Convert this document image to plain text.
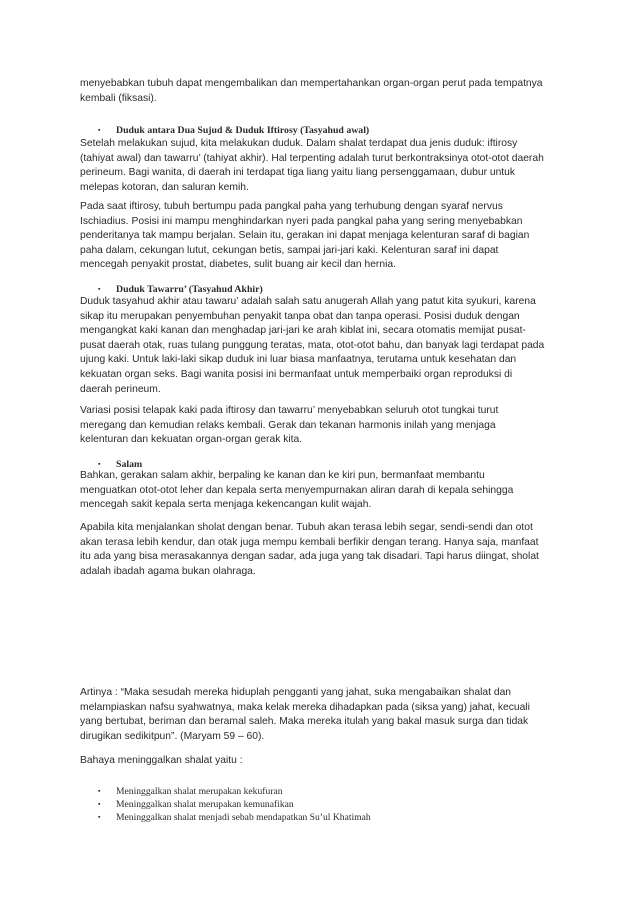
menyebabkan tubuh dapat mengembalikan dan mempertahankan organ-organ perut pada tempatnya
kembali (fiksasi).

▪ Duduk antara Dua Sujud & Duduk Iftirosy (Tasyahud awal)

Setelah melakukan sujud, kita melakukan duduk. Dalam shalat terdapat dua jenis duduk: iftirosy
(tahiyat awal) dan tawarru’ (tahiyat akhir). Hal terpenting adalah turut berkontraksinya otot-otot daerah
perineum. Bagi wanita, di daerah ini terdapat tiga liang yaitu liang persenggamaan, dubur untuk
melepas kotoran, dan saluran kemih.

Pada saat iftirosy, tubuh bertumpu pada pangkal paha yang terhubung dengan syaraf nervus
Ischiadius. Posisi ini mampu menghindarkan nyeri pada pangkal paha yang sering menyebabkan
penderitanya tak mampu berjalan. Selain itu, gerakan ini dapat menjaga kelenturan saraf di bagian
paha dalam, cekungan lutut, cekungan betis, sampai jari-jari kaki. Kelenturan saraf ini dapat
mencegah penyakit prostat, diabetes, sulit buang air kecil dan hernia.

▪ Duduk Tawarru’ (Tasyahud Akhir)

Duduk tasyahud akhir atau tawaru’ adalah salah satu anugerah Allah yang patut kita syukuri, karena
sikap itu merupakan penyembuhan penyakit tanpa obat dan tanpa operasi. Posisi duduk dengan
mengangkat kaki kanan dan menghadap jari-jari ke arah kiblat ini, secara otomatis memijat pusat-
pusat daerah otak, ruas tulang punggung teratas, mata, otot-otot bahu, dan banyak lagi terdapat pada
ujung kaki. Untuk laki-laki sikap duduk ini luar biasa manfaatnya, terutama untuk kesehatan dan
kekuatan organ seks. Bagi wanita posisi ini bermanfaat untuk memperbaiki organ reproduksi di
daerah perineum.

Variasi posisi telapak kaki pada iftirosy dan tawarru’ menyebabkan seluruh otot tungkai turut
meregang dan kemudian relaks kembali. Gerak dan tekanan harmonis inilah yang menjaga
kelenturan dan kekuatan organ-organ gerak kita.

▪ Salam

Bahkan, gerakan salam akhir, berpaling ke kanan dan ke kiri pun, bermanfaat membantu
menguatkan otot-otot leher dan kepala serta menyempurnakan aliran darah di kepala sehingga
mencegah sakit kepala serta menjaga kekencangan kulit wajah.

Apabila kita menjalankan sholat dengan benar. Tubuh akan terasa lebih segar, sendi-sendi dan otot
akan terasa lebih kendur, dan otak juga mempu kembali berfikir dengan terang. Hanya saja, manfaat
itu ada yang bisa merasakannya dengan sadar, ada juga yang tak disadari. Tapi harus diingat, sholat
adalah ibadah agama bukan olahraga.

Artinya : “Maka sesudah mereka hiduplah pengganti yang jahat, suka mengabaikan shalat dan
melampiaskan nafsu syahwatnya, maka kelak mereka dihadapkan pada (siksa yang) jahat, kecuali
yang bertubat, beriman dan beramal saleh. Maka mereka itulah yang bakal masuk surga dan tidak
dirugikan sedikitpun”. (Maryam 59 – 60).

Bahaya meninggalkan shalat yaitu :

▪ Meninggalkan shalat merupakan kekufuran
▪ Meninggalkan shalat merupakan kemunafikan
▪ Meninggalkan shalat menjadi sebab mendapatkan Su’ul Khatimah
